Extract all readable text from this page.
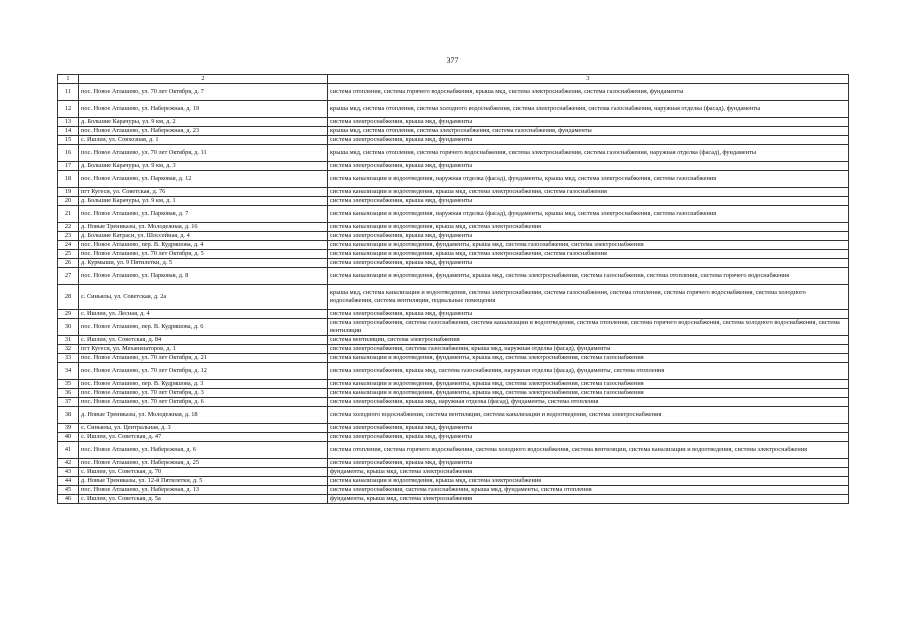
377
1	2	3
11	пос. Новое Атлашево, ул. 70 лет Октября, д. 7	система отопления, система горячего водоснабжения, крыша мкд, система электроснабжения, система газоснабжения, фундаменты
12	пос. Новое Атлашево, ул. Набережная, д. 19	крыша мкд, система отопления, система холодного водоснабжения, система электроснабжения, система газоснабжения, наружная отделка (фасад), фундаменты
13	д. Большие Карачуры, ул. 9 км, д. 2	система электроснабжения, крыша мкд, фундаменты
14	пос. Новое Атлашево, ул. Набережная, д. 23	крыша мкд, система отопления, система электроснабжения, система газоснабжения, фундаменты
15	с. Ишлеи, ул. Совхозная, д. 1	система электроснабжения, крыша мкд, фундаменты
16	пос. Новое Атлашево, ул. 70 лет Октября, д. 11	крыша мкд, система отопления, система горячего водоснабжения, система электроснабжения, система газоснабжения, наружная отделка (фасад), фундаменты
17	д. Большие Карачуры, ул. 9 км, д. 3	система электроснабжения, крыша мкд, фундаменты
18	пос. Новое Атлашево, ул. Парковая, д. 12	система канализации и водоотведения, наружная отделка (фасад), фундаменты, крыша мкд, система электроснабжения, система газоснабжения
19	пгт Кугеси, ул. Советская, д. 76	система канализации и водоотведения, крыша мкд, система электроснабжения, система газоснабжения
20	д. Большие Карачуры, ул. 9 км, д. 1	система электроснабжения, крыша мкд, фундаменты
21	пос. Новое Атлашево, ул. Парковая, д. 7	система канализации и водоотведения, наружная отделка (фасад), фундаменты, крыша мкд, система электроснабжения, система газоснабжения
22	д. Новые Трениказы, ул. Молодежная, д. 16	система канализации и водоотведения, крыша мкд, система электроснабжения
23	д. Большие Катраси, ул. Шоссейная, д. 4	система электроснабжения, крыша мкд, фундаменты
24	пос. Новое Атлашево, пер. В. Кудряшова, д. 4	система канализации и водоотведения, фундаменты, крыша мкд, система газоснабжения, система электроснабжения
25	пос. Новое Атлашево, ул. 70 лет Октября, д. 5	система канализации и водоотведения, крыша мкд, система электроснабжения, система газоснабжения
26	д. Курмыши, ул. 9 Пятилетки, д. 5	система электроснабжения, крыша мкд, фундаменты
27	пос. Новое Атлашево, ул. Парковая, д. 8	система канализации и водоотведения, фундаменты, крыша мкд, система электроснабжения, система газоснабжения, система отопления, система горячего водоснабжения
28	с. Синьялы, ул. Советская, д. 2а	крыша мкд, система канализации и водоотведения, система электроснабжения, система газоснабжения, система отопления, система горячего водоснабжения, система холодного водоснабжения, система вентиляции, подвальные помещения
29	с. Ишлеи, ул. Лесная, д. 4	система электроснабжения, крыша мкд, фундаменты
30	пос. Новое Атлашево, пер. В. Кудряшова, д. 6	система электроснабжения, система газоснабжения, система канализации и водоотведения, система отопления, система горячего водоснабжения, система холодного водоснабжения, система вентиляции
31	с. Ишлеи, ул. Советская, д. 84	система вентиляции, система электроснабжения
32	пгт Кугеси, ул. Механизаторов, д. 1	система электроснабжения, система газоснабжения, крыша мкд, наружная отделка (фасад), фундаменты
33	пос. Новое Атлашево, ул. 70 лет Октября, д. 21	система канализации и водоотведения, фундаменты, крыша мкд, система электроснабжения, система газоснабжения
34	пос. Новое Атлашево, ул. 70 лет Октября, д. 12	система электроснабжения, крыша мкд, система газоснабжения, наружная отделка (фасад), фундаменты, система отопления
35	пос. Новое Атлашево, пер. В. Кудряшова, д. 3	система канализации и водоотведения, фундаменты, крыша мкд, система электроснабжения, система газоснабжения
36	пос. Новое Атлашево, ул. 70 лет Октября, д. 3	система канализации и водоотведения, фундаменты, крыша мкд, система электроснабжения, система газоснабжения
37	пос. Новое Атлашево, ул. 70 лет Октября, д. 6	система электроснабжения, крыша мкд, наружная отделка (фасад), фундаменты, система отопления
38	д. Новые Трениказы, ул. Молодежная, д. 18	система холодного водоснабжения, система вентиляции, система канализации и водоотведения, система электроснабжения
39	с. Синьялы, ул. Центральная, д. 3	система электроснабжения, крыша мкд, фундаменты
40	с. Ишлеи, ул. Советская, д. 47	система электроснабжения, крыша мкд, фундаменты
41	пос. Новое Атлашево, ул. Набережная, д. 6	система отопления, система горячего водоснабжения, система холодного водоснабжения, система вентиляции, система канализации и водоотведения, система электроснабжения
42	пос. Новое Атлашево, ул. Набережная, д. 25	система электроснабжения, крыша мкд, фундаменты
43	с. Ишлеи, ул. Советская, д. 70	фундаменты, крыша мкд, система электроснабжения
44	д. Новые Трениказы, ул. 12-й Пятилетки, д. 5	система канализации и водоотведения, крыша мкд, система электроснабжения
45	пос. Новое Атлашево, ул. Набережная, д. 13	система электроснабжения, система газоснабжения, крыша мкд, фундаменты, система отопления
46	с. Ишлеи, ул. Советская, д. 5а	фундаменты, крыша мкд, система электроснабжения
